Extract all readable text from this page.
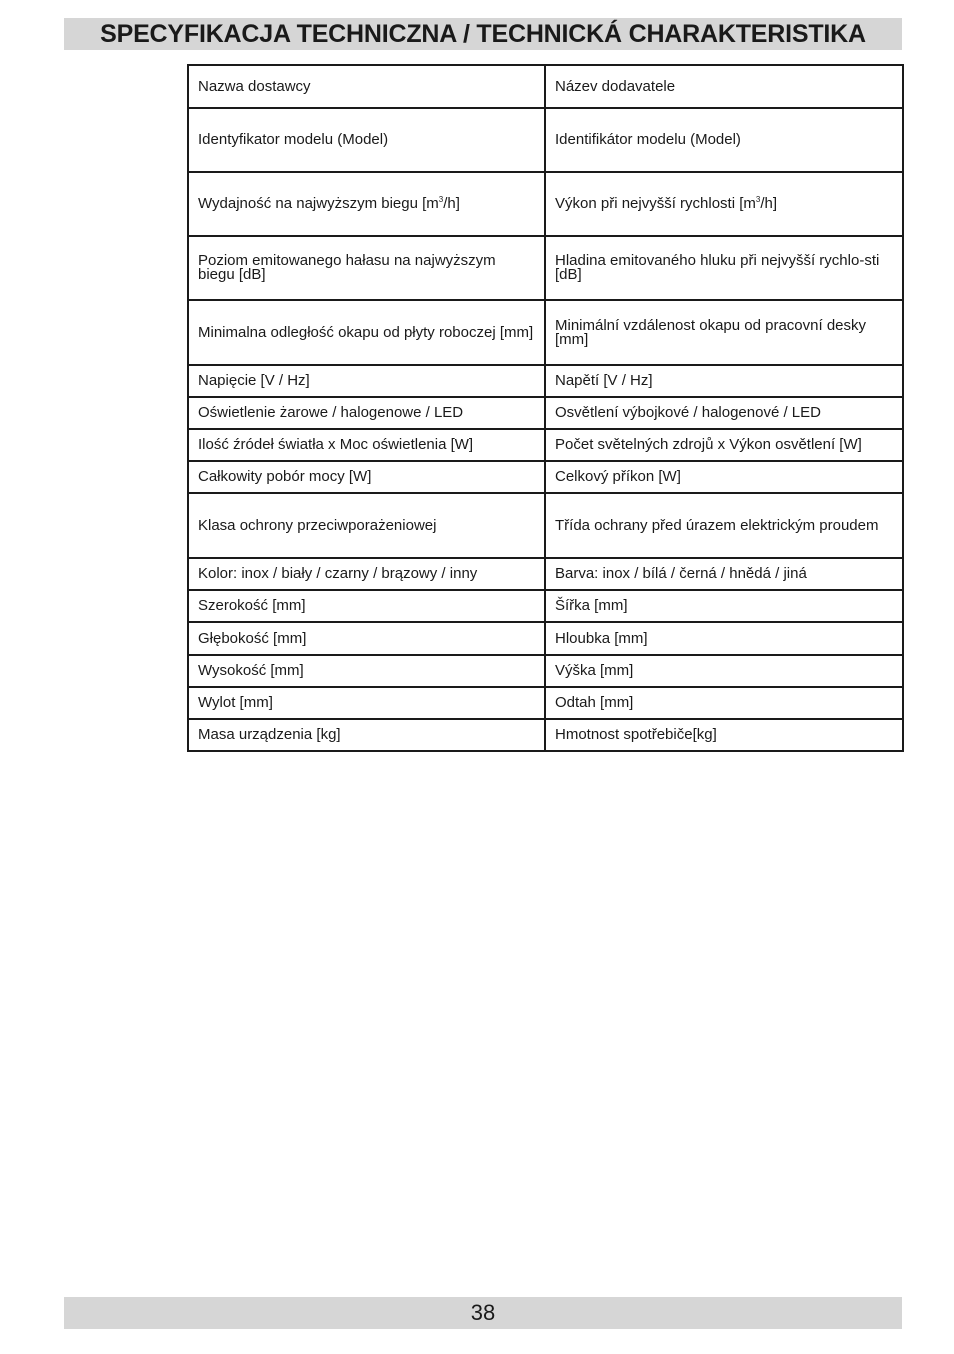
SPECYFIKACJA TECHNICZNA / TECHNICKÁ CHARAKTERISTIKA
Nazwa dostawcy	Název dodavatele
Identyfikator modelu (Model)	Identifikátor modelu (Model)
Wydajność na najwyższym biegu $[m^3/h]$	Výkon při nejvyšší rychlosti $[m^3/h]$
Poziom emitowanego hałasu na najwyższym biegu [dB]	Hladina emitovaného hluku při nejvyšší rychlo-sti [dB]
Minimalna odległość okapu od płyty roboczej [mm]	Minimální vzdálenost okapu od pracovní desky [mm]
Napięcie [V / Hz]	Napětí [V / Hz]
Oświetlenie żarowe / halogenowe / LED	Osvětlení výbojkové / halogenové / LED
Ilość źródeł światła x Moc oświetlenia [W]	Počet světelných zdrojů x Výkon osvětlení [W]
Całkowity pobór mocy [W]	Celkový příkon [W]
Klasa ochrony przeciwporażeniowej	Třída ochrany před úrazem elektrickým proudem
Kolor: inox / biały / czarny / brązowy / inny	Barva: inox / bílá / černá / hnědá / jiná
Szerokość [mm]	Šířka [mm]
Głębokość [mm]	Hloubka [mm]
Wysokość [mm]	Výška [mm]
Wylot [mm]	Odtah [mm]
Masa urządzenia [kg]	Hmotnost spotřebiče[kg]
38
